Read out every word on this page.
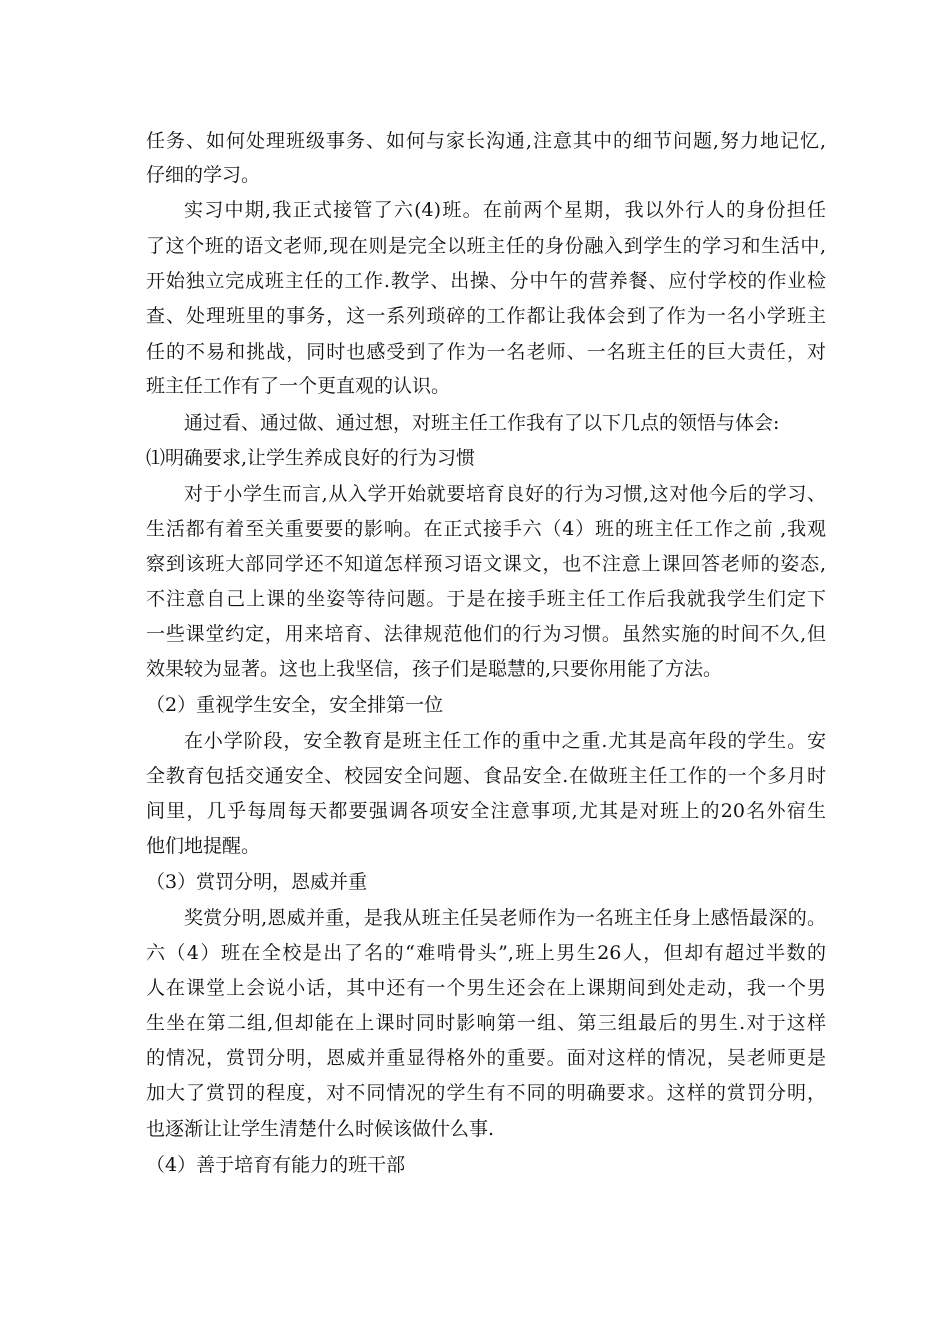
任务、如何处理班级事务、如何与家长沟通,注意其中的细节问题,努力地记忆,
仔细的学习。
实习中期,我正式接管了六(4)班。在前两个星期，我以外行人的身份担任
了这个班的语文老师,现在则是完全以班主任的身份融入到学生的学习和生活中,
开始独立完成班主任的工作.教学、出操、分中午的营养餐、应付学校的作业检
查、处理班里的事务，这一系列琐碎的工作都让我体会到了作为一名小学班主
任的不易和挑战，同时也感受到了作为一名老师、一名班主任的巨大责任，对
班主任工作有了一个更直观的认识。
通过看、通过做、通过想，对班主任工作我有了以下几点的领悟与体会:
⑴明确要求,让学生养成良好的行为习惯
对于小学生而言,从入学开始就要培育良好的行为习惯,这对他今后的学习、
生活都有着至关重要要的影响。在正式接手六（4）班的班主任工作之前 ,我观
察到该班大部同学还不知道怎样预习语文课文，也不注意上课回答老师的姿态,
不注意自己上课的坐姿等待问题。于是在接手班主任工作后我就我学生们定下
一些课堂约定，用来培育、法律规范他们的行为习惯。虽然实施的时间不久,但
效果较为显著。这也上我坚信，孩子们是聪慧的,只要你用能了方法。
（2）重视学生安全，安全排第一位
在小学阶段，安全教育是班主任工作的重中之重.尤其是高年段的学生。安
全教育包括交通安全、校园安全问题、食品安全.在做班主任工作的一个多月时
间里，几乎每周每天都要强调各项安全注意事项,尤其是对班上的20名外宿生
他们地提醒。
（3）赏罚分明，恩威并重
奖赏分明,恩威并重，是我从班主任吴老师作为一名班主任身上感悟最深的。
六（4）班在全校是出了名的“难啃骨头”,班上男生26人，但却有超过半数的
人在课堂上会说小话，其中还有一个男生还会在上课期间到处走动，我一个男
生坐在第二组,但却能在上课时同时影响第一组、第三组最后的男生.对于这样
的情况，赏罚分明，恩威并重显得格外的重要。面对这样的情况，吴老师更是
加大了赏罚的程度，对不同情况的学生有不同的明确要求。这样的赏罚分明，
也逐渐让让学生清楚什么时候该做什么事.
（4）善于培育有能力的班干部
